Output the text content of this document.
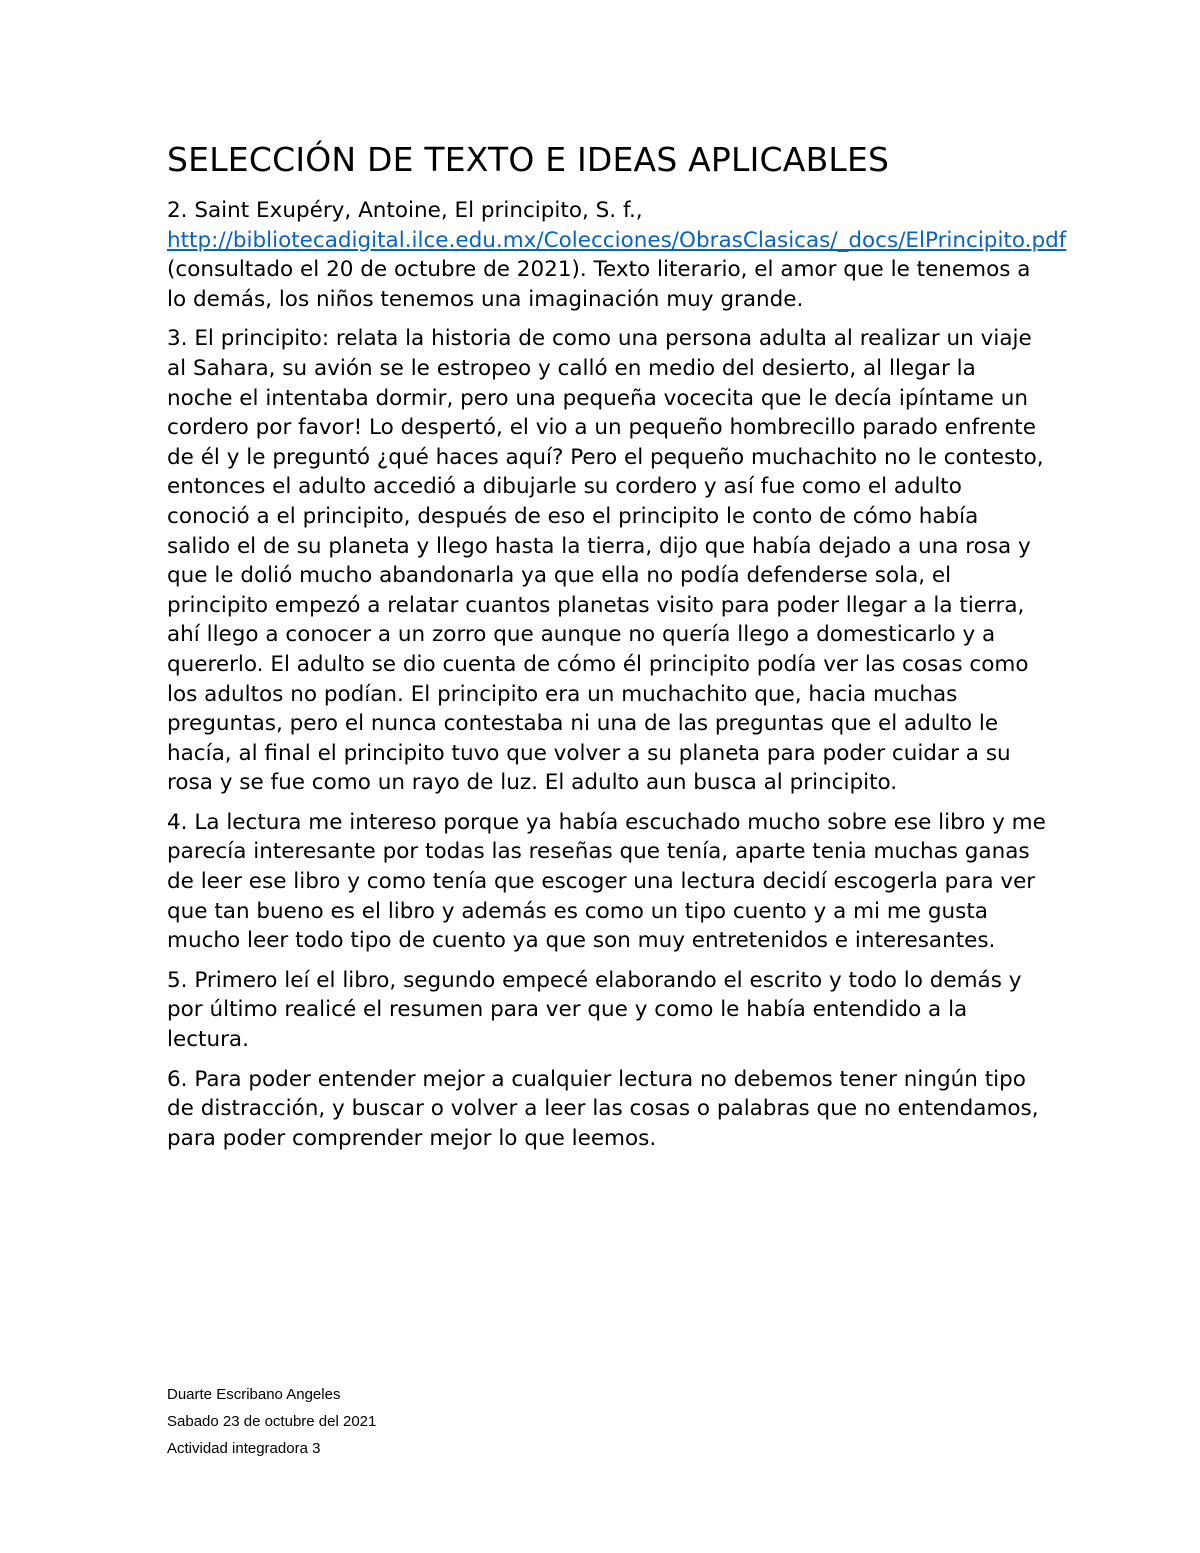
SELECCIÓN DE TEXTO E IDEAS APLICABLES

2. Saint Exupéry, Antoine, El principito, S. f.,
http://bibliotecadigital.ilce.edu.mx/Colecciones/ObrasClasicas/_docs/ElPrincipito.pdf
(consultado el 20 de octubre de 2021). Texto literario, el amor que le tenemos a lo demás, los niños tenemos una imaginación muy grande.

3. El principito: relata la historia de como una persona adulta al realizar un viaje al Sahara, su avión se le estropeo y calló en medio del desierto, al llegar la noche el intentaba dormir, pero una pequeña vocecita que le decía ipíntame un cordero por favor! Lo despertó, el vio a un pequeño hombrecillo parado enfrente de él y le preguntó ¿qué haces aquí? Pero el pequeño muchachito no le contesto, entonces el adulto accedió a dibujarle su cordero y así fue como el adulto conoció a el principito, después de eso el principito le conto de cómo había salido el de su planeta y llego hasta la tierra, dijo que había dejado a una rosa y que le dolió mucho abandonarla ya que ella no podía defenderse sola, el principito empezó a relatar cuantos planetas visito para poder llegar a la tierra, ahí llego a conocer a un zorro que aunque no quería llego a domesticarlo y a quererlo. El adulto se dio cuenta de cómo él principito podía ver las cosas como los adultos no podían. El principito era un muchachito que, hacia muchas preguntas, pero el nunca contestaba ni una de las preguntas que el adulto le hacía, al final el principito tuvo que volver a su planeta para poder cuidar a su rosa y se fue como un rayo de luz. El adulto aun busca al principito.

4. La lectura me intereso porque ya había escuchado mucho sobre ese libro y me parecía interesante por todas las reseñas que tenía, aparte tenia muchas ganas de leer ese libro y como tenía que escoger una lectura decidí escogerla para ver que tan bueno es el libro y además es como un tipo cuento y a mi me gusta mucho leer todo tipo de cuento ya que son muy entretenidos e interesantes.

5. Primero leí el libro, segundo empecé elaborando el escrito y todo lo demás y por último realicé el resumen para ver que y como le había entendido a la lectura.

6. Para poder entender mejor a cualquier lectura no debemos tener ningún tipo de distracción, y buscar o volver a leer las cosas o palabras que no entendamos, para poder comprender mejor lo que leemos.

Duarte Escribano Angeles
Sabado 23 de octubre del 2021
Actividad integradora 3
